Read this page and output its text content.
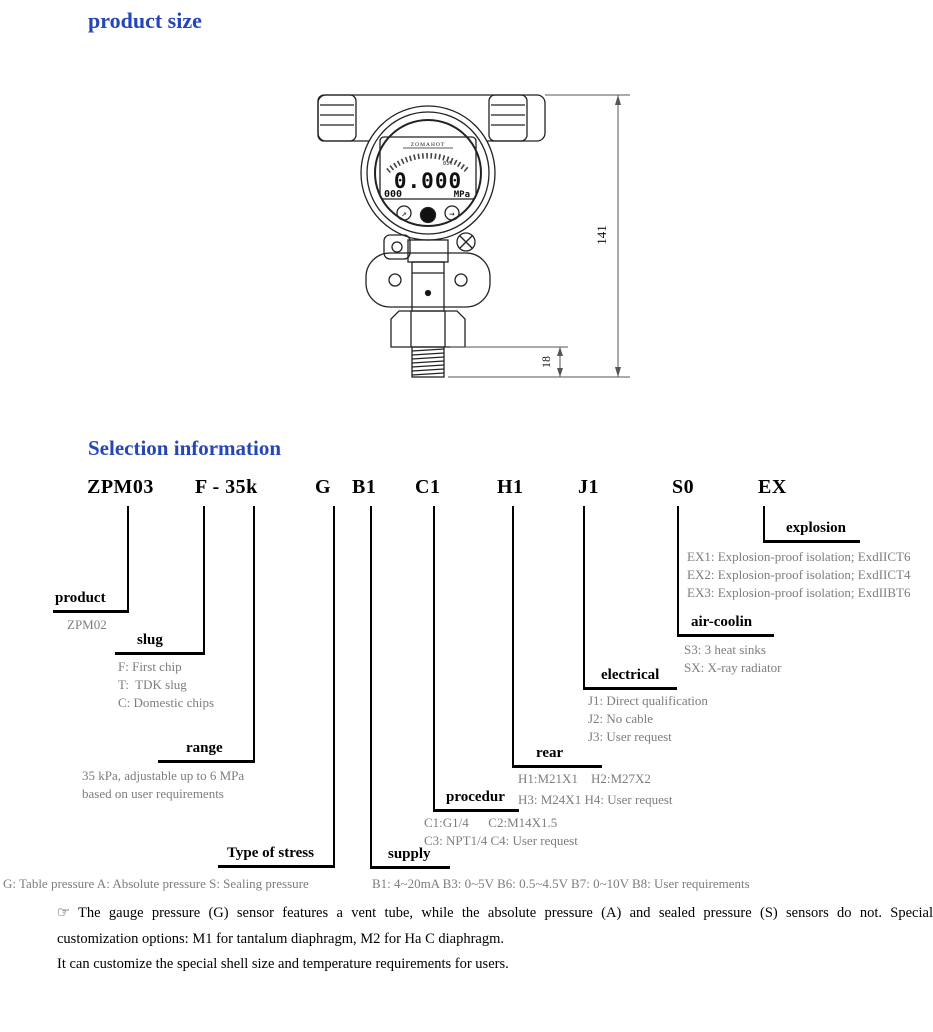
product size
Selection information
ZOMAHOT
03%
0.000
000	MPa
↗	→
141
18
ZPM03 F - 35k	G B1 C1	H1	J1	S0	EX
product
slug
range
Type of stress	supply
procedur
rear
electrical
air-coolin
explosion
ZPM02
F: First chip
T:  TDK slug
C: Domestic chips
35 kPa, adjustable up to 6 MPa
based on user requirements
G: Table pressure A: Absolute pressure S: Sealing pressure	B1: 4~20mA B3: 0~5V B6: 0.5~4.5V B7: 0~10V B8: User requirements
C1:G1/4      C2:M14X1.5
C3: NPT1/4 C4: User request
H1:M21X1    H2:M27X2
H3: M24X1 H4: User request
J1: Direct qualification
J2: No cable
J3: User request
S3: 3 heat sinks
SX: X-ray radiator
EX1: Explosion-proof isolation; ExdIICT6
EX2: Explosion-proof isolation; ExdIICT4
EX3: Explosion-proof isolation; ExdIIBT6
☞ The gauge pressure (G) sensor features a vent tube, while the absolute pressure (A) and sealed pressure (S) sensors do not. Special
customization options: M1 for tantalum diaphragm, M2 for Ha C diaphragm.
It can customize the special shell size and temperature requirements for users.
